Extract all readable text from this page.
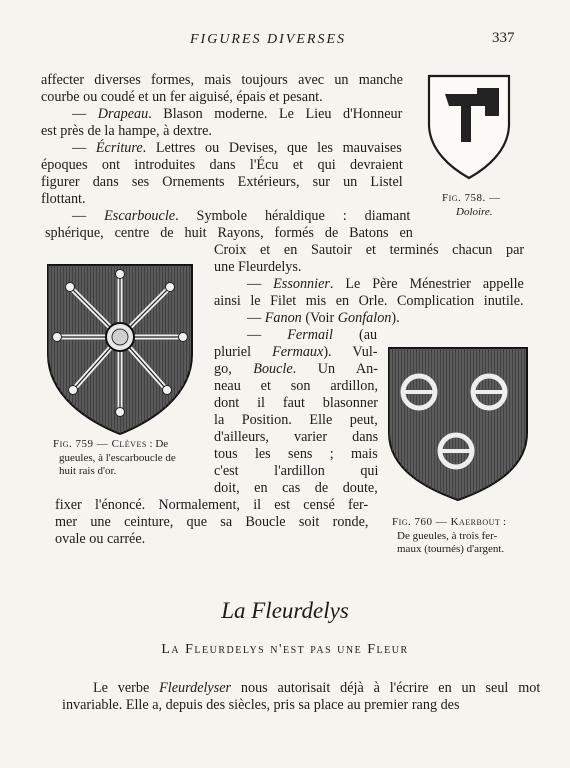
FIGURES DIVERSES	337
Fig. 758. —
Doloire.
Fig. 759 — Clèves : De
gueules, à l'escarboucle de
huit rais d'or.
Fig. 760 — Kaerbout :
De gueules, à trois fer-
maux (tournés) d'argent.
affecter diverses formes, mais toujours avec un manche
courbe ou coudé et un fer aiguisé, épais et pesant.
— Drapeau. Blason moderne. Le Lieu d'Honneur
est près de la hampe, à dextre.
— Écriture. Lettres ou Devises, que les mauvaises
époques ont introduites dans l'Écu et qui devraient
figurer dans ses Ornements Extérieurs, sur un Listel
flottant.
— Escarboucle. Symbole héraldique : diamant
sphérique, centre de huit Rayons, formés de Batons en
Croix et en Sautoir et terminés chacun par
une Fleurdelys.
— Essonnier. Le Père Ménestrier appelle
ainsi le Filet mis en Orle. Complication inutile.
— Fanon (Voir Gonfalon).
— Fermail (au
pluriel Fermaux). Vul-
go, Boucle. Un An-
neau et son ardillon,
dont il faut blasonner
la Position. Elle peut,
d'ailleurs, varier dans
tous les sens ; mais
c'est l'ardillon qui
doit, en cas de doute,
fixer l'énoncé. Normalement, il est censé fer-
mer une ceinture, que sa Boucle soit ronde,
ovale ou carrée.
La Fleurdelys
La Fleurdelys n'est pas une Fleur
Le verbe Fleurdelyser nous autorisait déjà à l'écrire en un seul mot
invariable. Elle a, depuis des siècles, pris sa place au premier rang des
